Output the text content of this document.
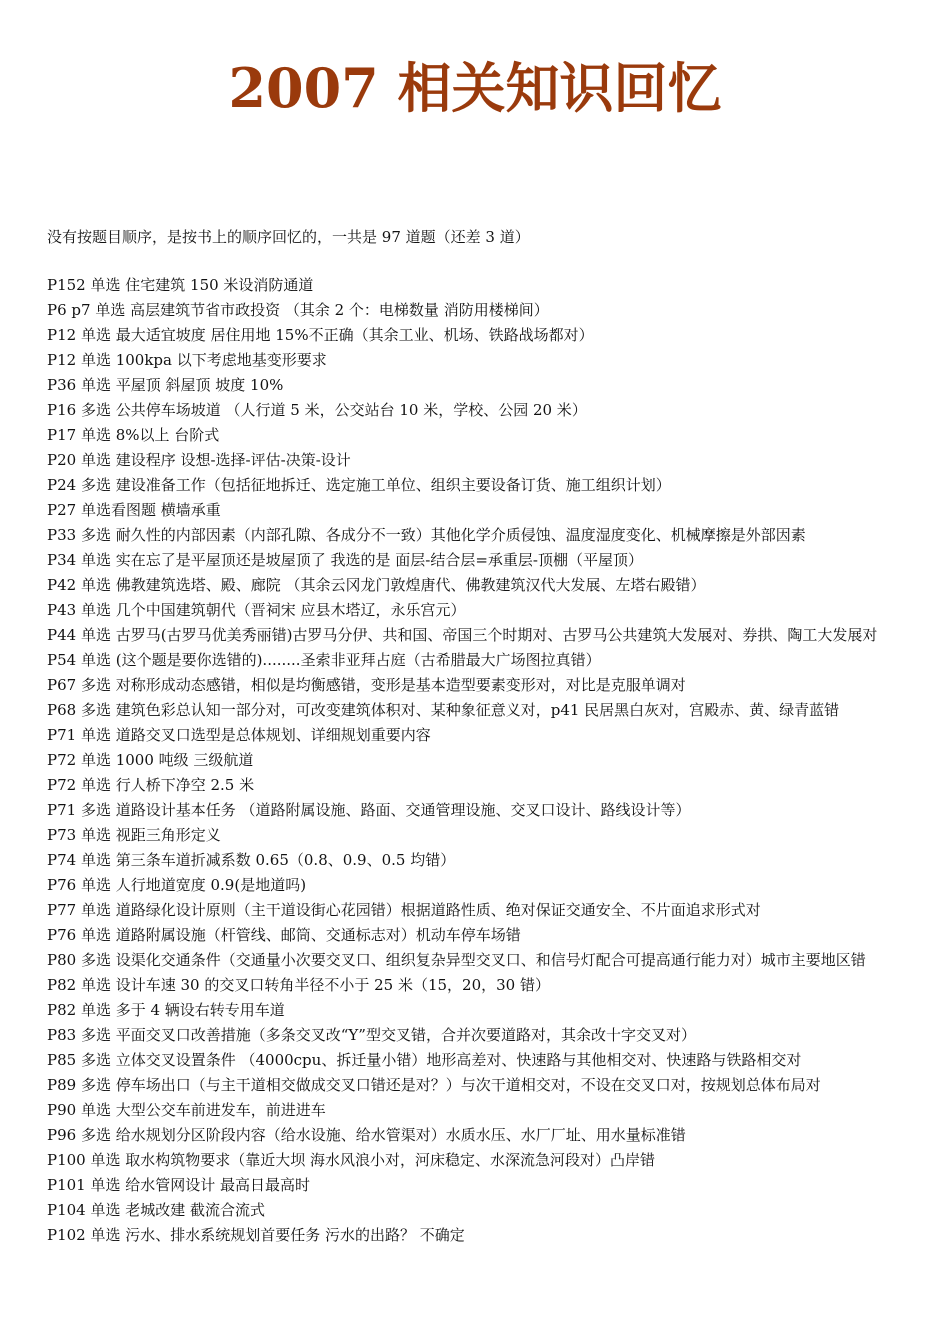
2007 相关知识回忆

没有按题目顺序，是按书上的顺序回忆的，一共是 97 道题（还差 3 道）

P152 单选 住宅建筑 150 米设消防通道
P6 p7 单选 高层建筑节省市政投资 （其余 2 个：电梯数量 消防用楼梯间）
P12 单选 最大适宜坡度 居住用地 15%不正确（其余工业、机场、铁路战场都对）
P12 单选 100kpa 以下考虑地基变形要求
P36 单选 平屋顶 斜屋顶 坡度 10%
P16 多选 公共停车场坡道 （人行道 5 米，公交站台 10 米，学校、公园 20 米）
P17 单选 8%以上 台阶式
P20 单选 建设程序 设想-选择-评估-决策-设计
P24 多选 建设准备工作（包括征地拆迁、选定施工单位、组织主要设备订货、施工组织计划）
P27 单选看图题 横墙承重
P33 多选 耐久性的内部因素（内部孔隙、各成分不一致）其他化学介质侵蚀、温度湿度变化、机械摩擦是外部因素
P34 单选 实在忘了是平屋顶还是坡屋顶了 我选的是 面层-结合层=承重层-顶棚（平屋顶）
P42 单选 佛教建筑选塔、殿、廊院 （其余云冈龙门敦煌唐代、佛教建筑汉代大发展、左塔右殿错）
P43 单选 几个中国建筑朝代（晋祠宋 应县木塔辽，永乐宫元）
P44 单选 古罗马(古罗马优美秀丽错)古罗马分伊、共和国、帝国三个时期对、古罗马公共建筑大发展对、券拱、陶工大发展对
P54 单选 (这个题是要你选错的)........圣索非亚拜占庭（古希腊最大广场图拉真错）
P67 多选 对称形成动态感错，相似是均衡感错，变形是基本造型要素变形对，对比是克服单调对
P68 多选 建筑色彩总认知一部分对，可改变建筑体积对、某种象征意义对，p41 民居黑白灰对，宫殿赤、黄、绿青蓝错
P71 单选 道路交叉口选型是总体规划、详细规划重要内容
P72 单选 1000 吨级 三级航道
P72 单选 行人桥下净空 2.5 米
P71 多选 道路设计基本任务 （道路附属设施、路面、交通管理设施、交叉口设计、路线设计等）
P73 单选 视距三角形定义
P74 单选 第三条车道折减系数 0.65（0.8、0.9、0.5 均错）
P76 单选 人行地道宽度 0.9(是地道吗)
P77 单选 道路绿化设计原则（主干道设街心花园错）根据道路性质、绝对保证交通安全、不片面追求形式对
P76 单选 道路附属设施（杆管线、邮筒、交通标志对）机动车停车场错
P80 多选 设渠化交通条件（交通量小次要交叉口、组织复杂异型交叉口、和信号灯配合可提高通行能力对）城市主要地区错
P82 单选 设计车速 30 的交叉口转角半径不小于 25 米（15，20，30 错）
P82 单选 多于 4 辆设右转专用车道
P83 多选 平面交叉口改善措施（多条交叉改“Y”型交叉错，合并次要道路对，其余改十字交叉对）
P85 多选 立体交叉设置条件 （4000cpu、拆迁量小错）地形高差对、快速路与其他相交对、快速路与铁路相交对
P89 多选 停车场出口（与主干道相交做成交叉口错还是对？）与次干道相交对，不设在交叉口对，按规划总体布局对
P90 单选 大型公交车前进发车，前进进车
P96 多选 给水规划分区阶段内容（给水设施、给水管渠对）水质水压、水厂厂址、用水量标准错
P100 单选 取水构筑物要求（靠近大坝 海水风浪小对，河床稳定、水深流急河段对）凸岸错
P101 单选 给水管网设计 最高日最高时
P104 单选 老城改建 截流合流式
P102 单选 污水、排水系统规划首要任务 污水的出路？ 不确定
